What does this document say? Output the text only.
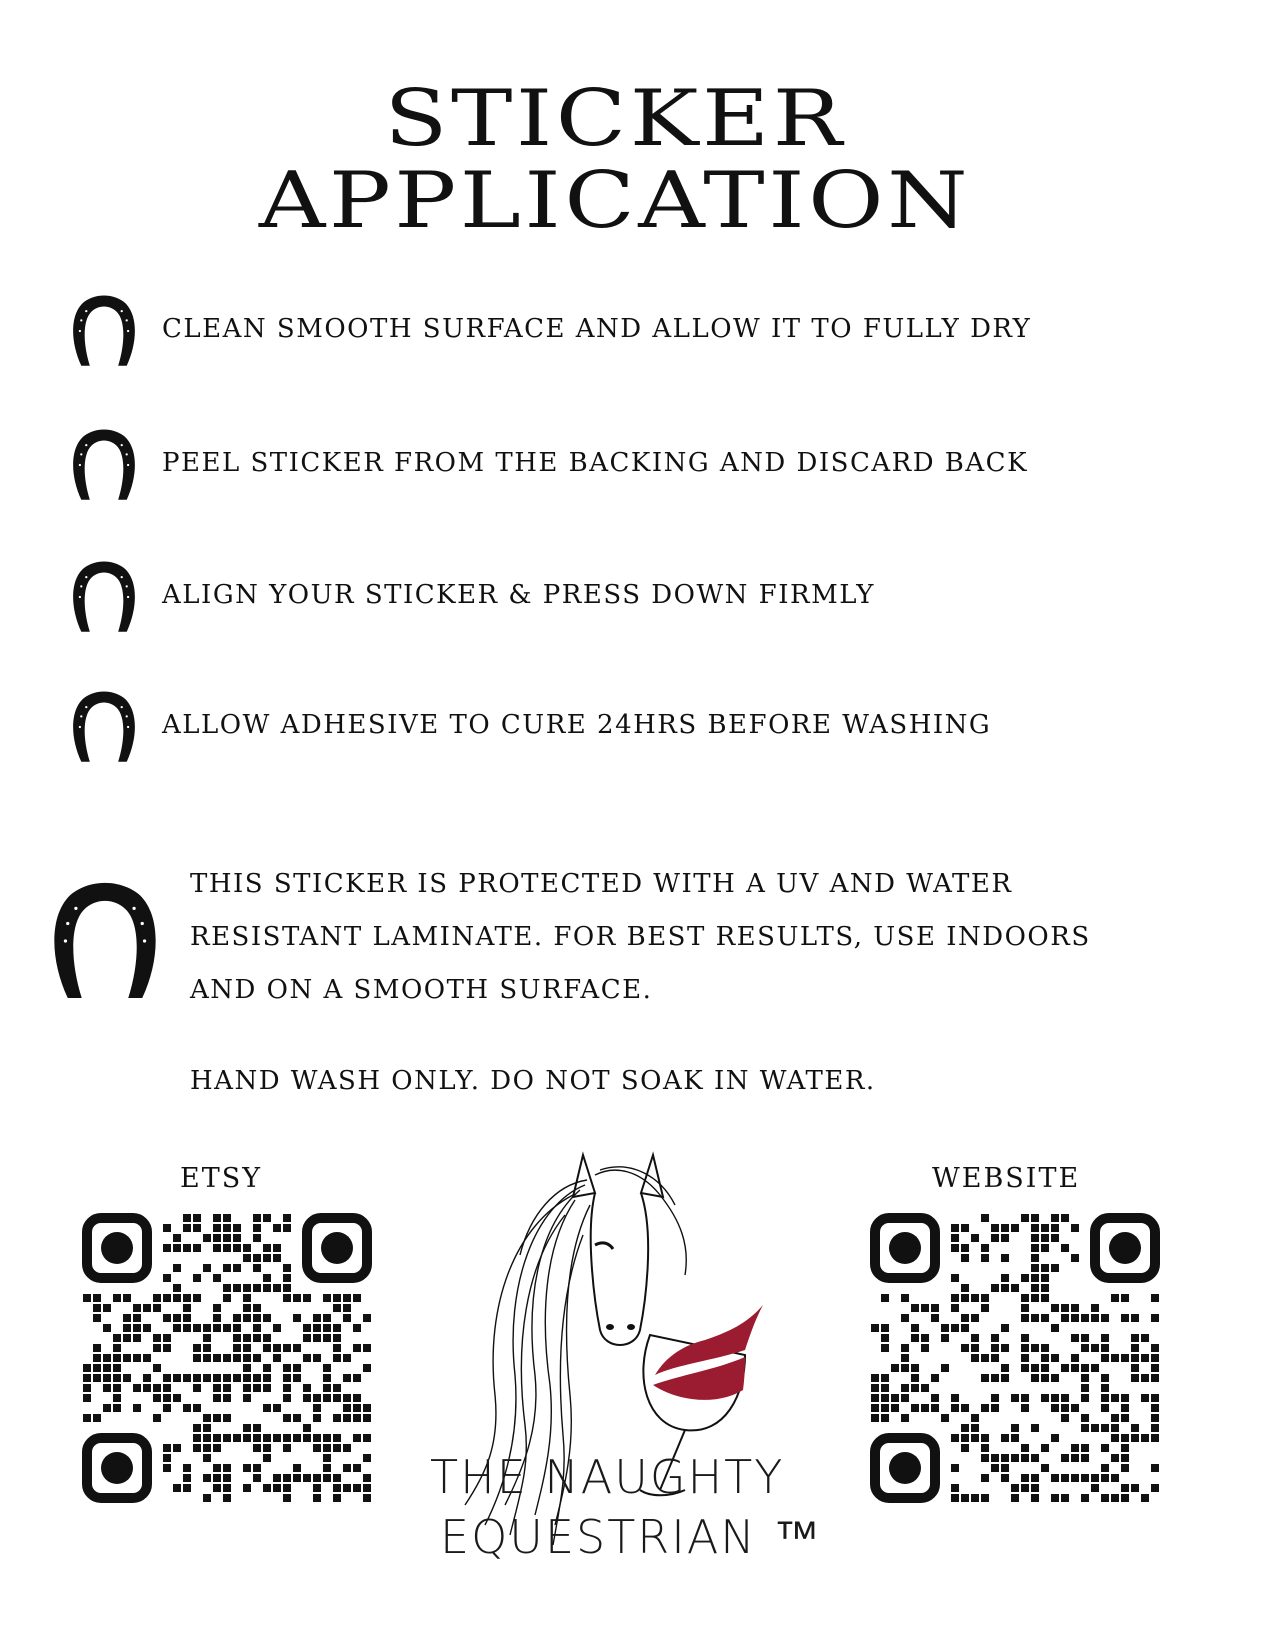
STICKER
APPLICATION
CLEAN SMOOTH SURFACE AND ALLOW IT TO FULLY DRY
PEEL STICKER FROM THE BACKING AND DISCARD BACK
ALIGN YOUR STICKER & PRESS DOWN FIRMLY
ALLOW ADHESIVE TO CURE 24HRS BEFORE WASHING
THIS STICKER IS PROTECTED WITH A UV AND WATER
RESISTANT LAMINATE. FOR BEST RESULTS, USE INDOORS
AND ON A SMOOTH SURFACE.
HAND WASH ONLY. DO NOT SOAK IN WATER.
ETSY	WEBSITE
THE NAUGHTY
EQUESTRIAN ™
